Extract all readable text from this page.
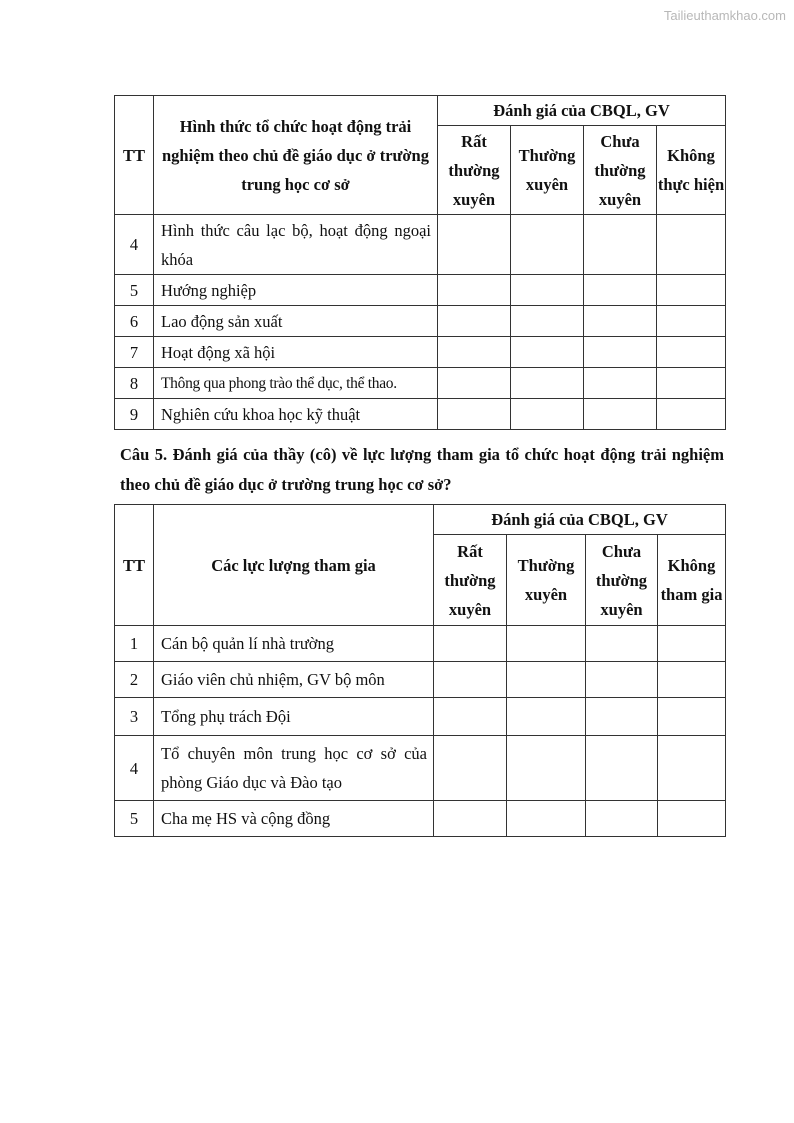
Tailieuthamkhao.com
TT	Hình thức tổ chức hoạt động trải nghiệm theo chủ đề giáo dục ở trường trung học cơ sở	Đánh giá của CBQL, GV			
		Rất thường xuyên	Thường xuyên	Chưa thường xuyên	Không thực hiện
4	Hình thức câu lạc bộ, hoạt động ngoại khóa				
5	Hướng nghiệp				
6	Lao động sản xuất				
7	Hoạt động xã hội				
8	Thông qua phong trào thể dục, thể thao.				
9	Nghiên cứu khoa học kỹ thuật				

Câu 5. Đánh giá của thầy (cô) về lực lượng tham gia tổ chức hoạt động trải nghiệm theo chủ đề giáo dục ở trường trung học cơ sở?

TT	Các lực lượng tham gia	Đánh giá của CBQL, GV			
		Rất thường xuyên	Thường xuyên	Chưa thường xuyên	Không tham gia
1	Cán bộ quản lí nhà trường				
2	Giáo viên chủ nhiệm, GV bộ môn				
3	Tổng phụ trách Đội				
4	Tổ chuyên môn trung học cơ sở của phòng Giáo dục và Đào tạo				
5	Cha mẹ HS và cộng đồng				
